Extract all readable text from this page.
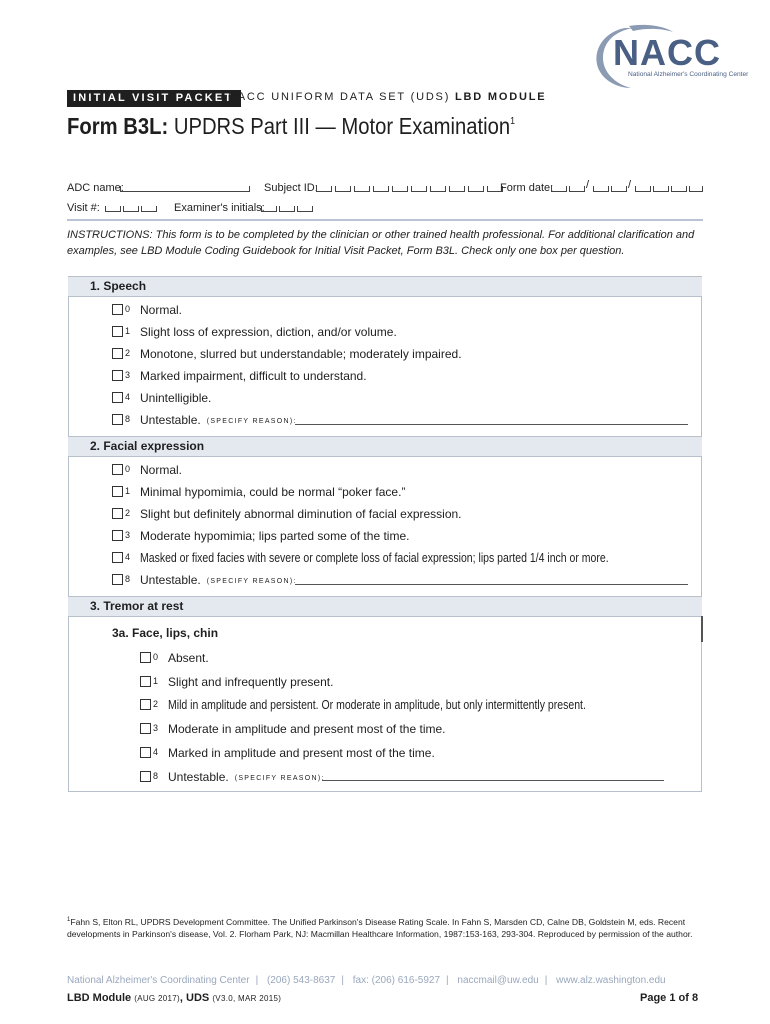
NACC
National Alzheimer's Coordinating Center
INITIAL VISIT PACKET
NACC UNIFORM DATA SET (UDS) LBD MODULE
Form B3L: UPDRS Part III — Motor Examination$^1$
ADC name:	Subject ID:	Form date:	/	/
Visit #:	Examiner's initials:
INSTRUCTIONS: This form is to be completed by the clinician or other trained health professional. For additional clarification and examples, see LBD Module Coding Guidebook for Initial Visit Packet, Form B3L. Check only one box per question.
1. Speech
0 Normal.
1 Slight loss of expression, diction, and/or volume.
2 Monotone, slurred but understandable; moderately impaired.
3 Marked impairment, difficult to understand.
4 Unintelligible.
8 Untestable. (SPECIFY REASON):
2. Facial expression
0 Normal.
1 Minimal hypomimia, could be normal “poker face.”
2 Slight but definitely abnormal diminution of facial expression.
3 Moderate hypomimia; lips parted some of the time.
4 Masked or fixed facies with severe or complete loss of facial expression; lips parted 1/4 inch or more.
8 Untestable. (SPECIFY REASON):
3. Tremor at rest
3a. Face, lips, chin
0 Absent.
1 Slight and infrequently present.
2 Mild in amplitude and persistent. Or moderate in amplitude, but only intermittently present.
3 Moderate in amplitude and present most of the time.
4 Marked in amplitude and present most of the time.
8 Untestable. (SPECIFY REASON):
$^1$Fahn S, Elton RL, UPDRS Development Committee. The Unified Parkinson's Disease Rating Scale. In Fahn S, Marsden CD, Calne DB, Goldstein M, eds. Recent developments in Parkinson's disease, Vol. 2. Florham Park, NJ: Macmillan Healthcare Information, 1987:153-163, 293-304. Reproduced by permission of the author.
National Alzheimer's Coordinating Center | (206) 543-8637 | fax: (206) 616-5927 | naccmail@uw.edu | www.alz.washington.edu
LBD Module (AUG 2017), UDS (V3.0, MAR 2015)	Page 1 of 8
